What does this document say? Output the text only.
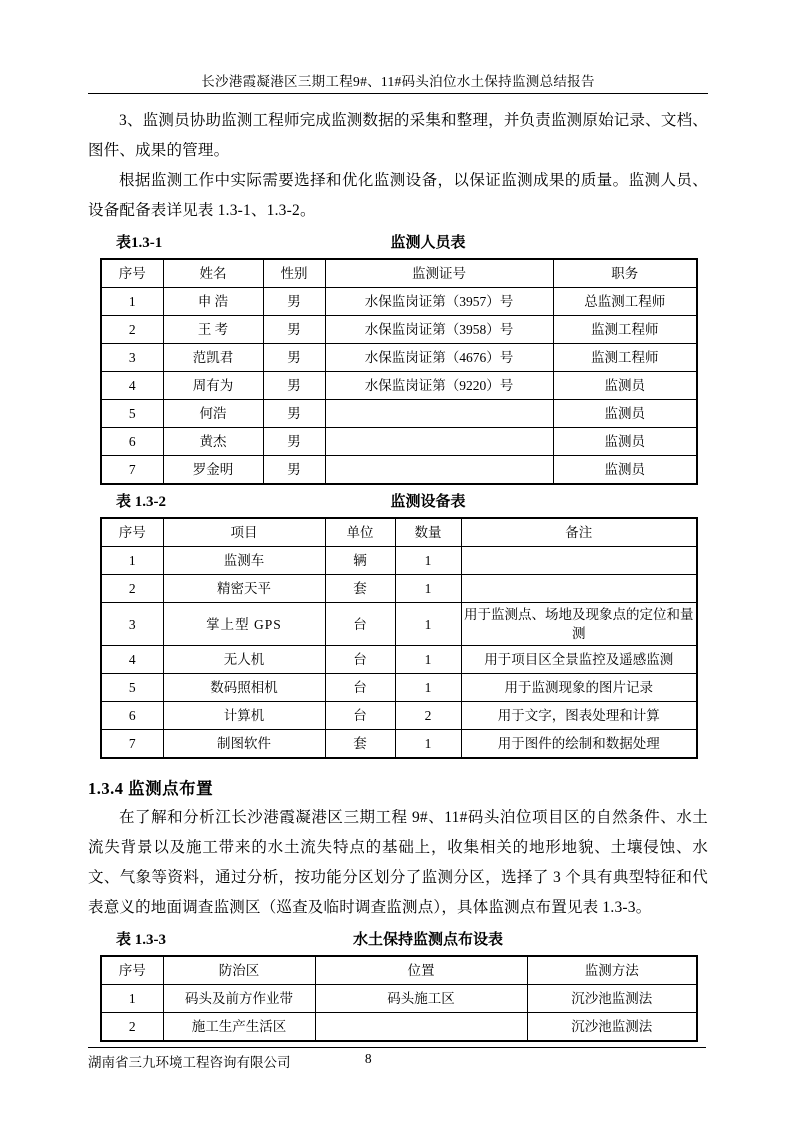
长沙港霞凝港区三期工程9#、11#码头泊位水土保持监测总结报告

3、监测员协助监测工程师完成监测数据的采集和整理，并负责监测原始记录、文档、图件、成果的管理。

根据监测工作中实际需要选择和优化监测设备，以保证监测成果的质量。监测人员、设备配备表详见表 1.3-1、1.3-2。

表1.3-1	监测人员表
序号	姓名	性别	监测证号	职务
1	申 浩	男	水保监岗证第（3957）号	总监测工程师
2	王 考	男	水保监岗证第（3958）号	监测工程师
3	范凯君	男	水保监岗证第（4676）号	监测工程师
4	周有为	男	水保监岗证第（9220）号	监测员
5	何浩	男		监测员
6	黄杰	男		监测员
7	罗金明	男		监测员
表 1.3-2	监测设备表
序号	项目	单位	数量	备注
1	监测车	辆	1	
2	精密天平	套	1	
3	掌上型 GPS	台	1	用于监测点、场地及现象点的定位和量测
4	无人机	台	1	用于项目区全景监控及遥感监测
5	数码照相机	台	1	用于监测现象的图片记录
6	计算机	台	2	用于文字，图表处理和计算
7	制图软件	套	1	用于图件的绘制和数据处理
1.3.4 监测点布置

在了解和分析江长沙港霞凝港区三期工程 9#、11#码头泊位项目区的自然条件、水土流失背景以及施工带来的水土流失特点的基础上，收集相关的地形地貌、土壤侵蚀、水文、气象等资料，通过分析，按功能分区划分了监测分区，选择了 3 个具有典型特征和代表意义的地面调查监测区（巡查及临时调查监测点），具体监测点布置见表 1.3-3。

表 1.3-3	水土保持监测点布设表
序号	防治区	位置	监测方法
1	码头及前方作业带	码头施工区	沉沙池监测法
2	施工生产生活区		沉沙池监测法
湖南省三九环境工程咨询有限公司	8
